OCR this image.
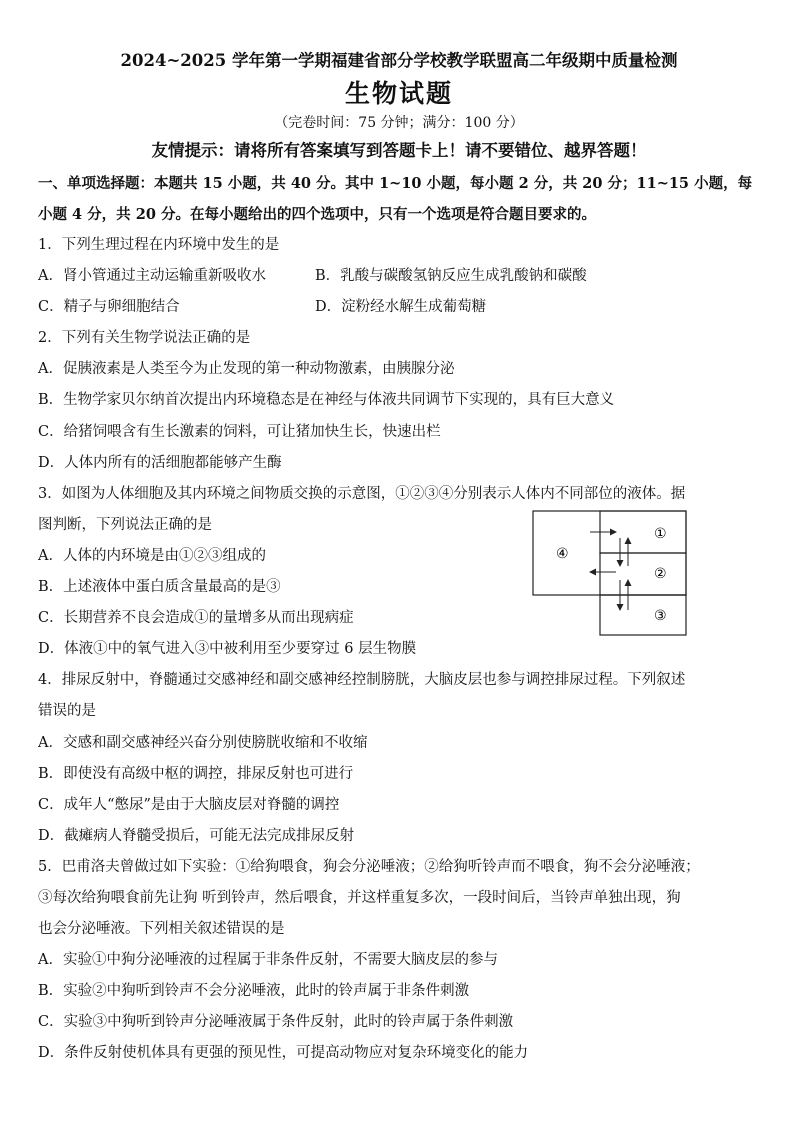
2024~2025 学年第一学期福建省部分学校教学联盟高二年级期中质量检测
生物试题
（完卷时间：75 分钟；满分：100 分）
友情提示：请将所有答案填写到答题卡上！请不要错位、越界答题！
一、单项选择题：本题共 15 小题，共 40 分。其中 1~10 小题，每小题 2 分，共 20 分；11~15 小题，每小题 4 分，共 20 分。在每小题给出的四个选项中，只有一个选项是符合题目要求的。
1．下列生理过程在内环境中发生的是
A．肾小管通过主动运输重新吸收水	B．乳酸与碳酸氢钠反应生成乳酸钠和碳酸
C．精子与卵细胞结合	D．淀粉经水解生成葡萄糖
2．下列有关生物学说法正确的是
A．促胰液素是人类至今为止发现的第一种动物激素，由胰腺分泌
B．生物学家贝尔纳首次提出内环境稳态是在神经与体液共同调节下实现的，具有巨大意义
C．给猪饲喂含有生长激素的饲料，可让猪加快生长，快速出栏
D．人体内所有的活细胞都能够产生酶
3．如图为人体细胞及其内环境之间物质交换的示意图，①②③④分别表示人体内不同部位的液体。据
图判断，下列说法正确的是
A．人体的内环境是由①②③组成的
B．上述液体中蛋白质含量最高的是③
C．长期营养不良会造成①的量增多从而出现病症
D．体液①中的氧气进入③中被利用至少要穿过 6 层生物膜
④
①
②
③
4．排尿反射中，脊髓通过交感神经和副交感神经控制膀胱，大脑皮层也参与调控排尿过程。下列叙述
错误的是
A．交感和副交感神经兴奋分别使膀胱收缩和不收缩
B．即使没有高级中枢的调控，排尿反射也可进行
C．成年人“憋尿”是由于大脑皮层对脊髓的调控
D．截瘫病人脊髓受损后，可能无法完成排尿反射
5．巴甫洛夫曾做过如下实验：①给狗喂食，狗会分泌唾液；②给狗听铃声而不喂食，狗不会分泌唾液；
③每次给狗喂食前先让狗 听到铃声，然后喂食，并这样重复多次，一段时间后，当铃声单独出现，狗
也会分泌唾液。下列相关叙述错误的是
A．实验①中狗分泌唾液的过程属于非条件反射，不需要大脑皮层的参与
B．实验②中狗听到铃声不会分泌唾液，此时的铃声属于非条件刺激
C．实验③中狗听到铃声分泌唾液属于条件反射，此时的铃声属于条件刺激
D．条件反射使机体具有更强的预见性，可提高动物应对复杂环境变化的能力
